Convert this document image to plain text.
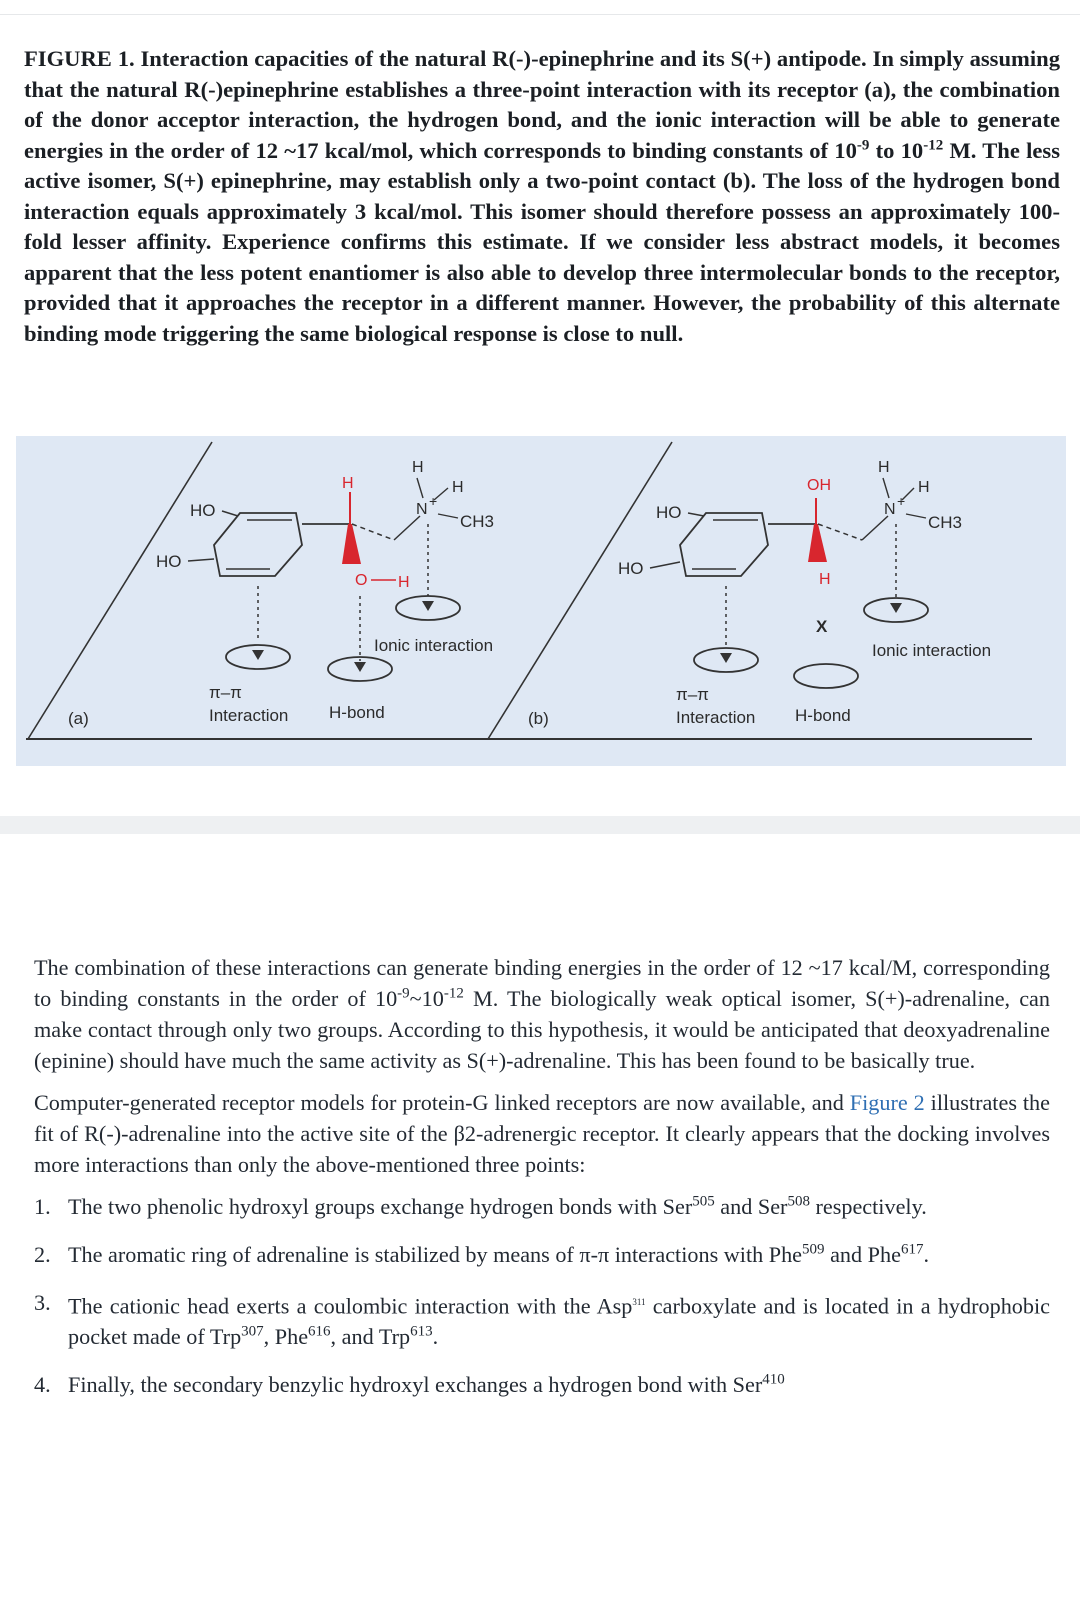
FIGURE 1. Interaction capacities of the natural R(-)-epinephrine and its S(+) antipode. In simply assuming that the natural R(-)epinephrine establishes a three-point interaction with its receptor (a), the combination of the donor acceptor interaction, the hydrogen bond, and the ionic interaction will be able to generate energies in the order of 12 ~17 kcal/mol, which corresponds to binding constants of $10^{-9}$ to $10^{-12}$ M. The less active isomer, S(+) epinephrine, may establish only a two-point contact (b). The loss of the hydrogen bond interaction equals approximately 3 kcal/mol. This isomer should therefore possess an approximately 100-fold lesser affinity. Experience confirms this estimate. If we consider less abstract models, it becomes apparent that the less potent enantiomer is also able to develop three intermolecular bonds to the receptor, provided that it approaches the receptor in a different manner. However, the probability of this alternate binding mode triggering the same biological response is close to null.
(a)
HO
HO
H
O H
N +
H
H
CH3
Ionic interaction
π–π
Interaction H-bond	(b)
HO
HO
OH
H
N +
H
H
CH3
X
Ionic interaction
π–π
Interaction H-bond

The combination of these interactions can generate binding energies in the order of 12 ~17 kcal/M, corresponding to binding constants in the order of $10^{-9}\sim 10^{-12}$ M. The biologically weak optical isomer, S(+)-adrenaline, can make contact through only two groups. According to this hypothesis, it would be anticipated that deoxyadrenaline (epinine) should have much the same activity as S(+)-adrenaline. This has been found to be basically true.

Computer-generated receptor models for protein-G linked receptors are now available, and Figure 2 illustrates the fit of R(-)-adrenaline into the active site of the β2-adrenergic receptor. It clearly appears that the docking involves more interactions than only the above-mentioned three points:

1. The two phenolic hydroxyl groups exchange hydrogen bonds with Ser$^{505}$ and Ser$^{508}$ respectively.
2. The aromatic ring of adrenaline is stabilized by means of π-π interactions with Phe$^{509}$ and Phe$^{617}$.
3. The cationic head exerts a coulombic interaction with the Asp$^{311}$ carboxylate and is located in a hydrophobic pocket made of Trp$^{307}$, Phe$^{616}$, and Trp$^{613}$.
4. Finally, the secondary benzylic hydroxyl exchanges a hydrogen bond with Ser$^{410}$
